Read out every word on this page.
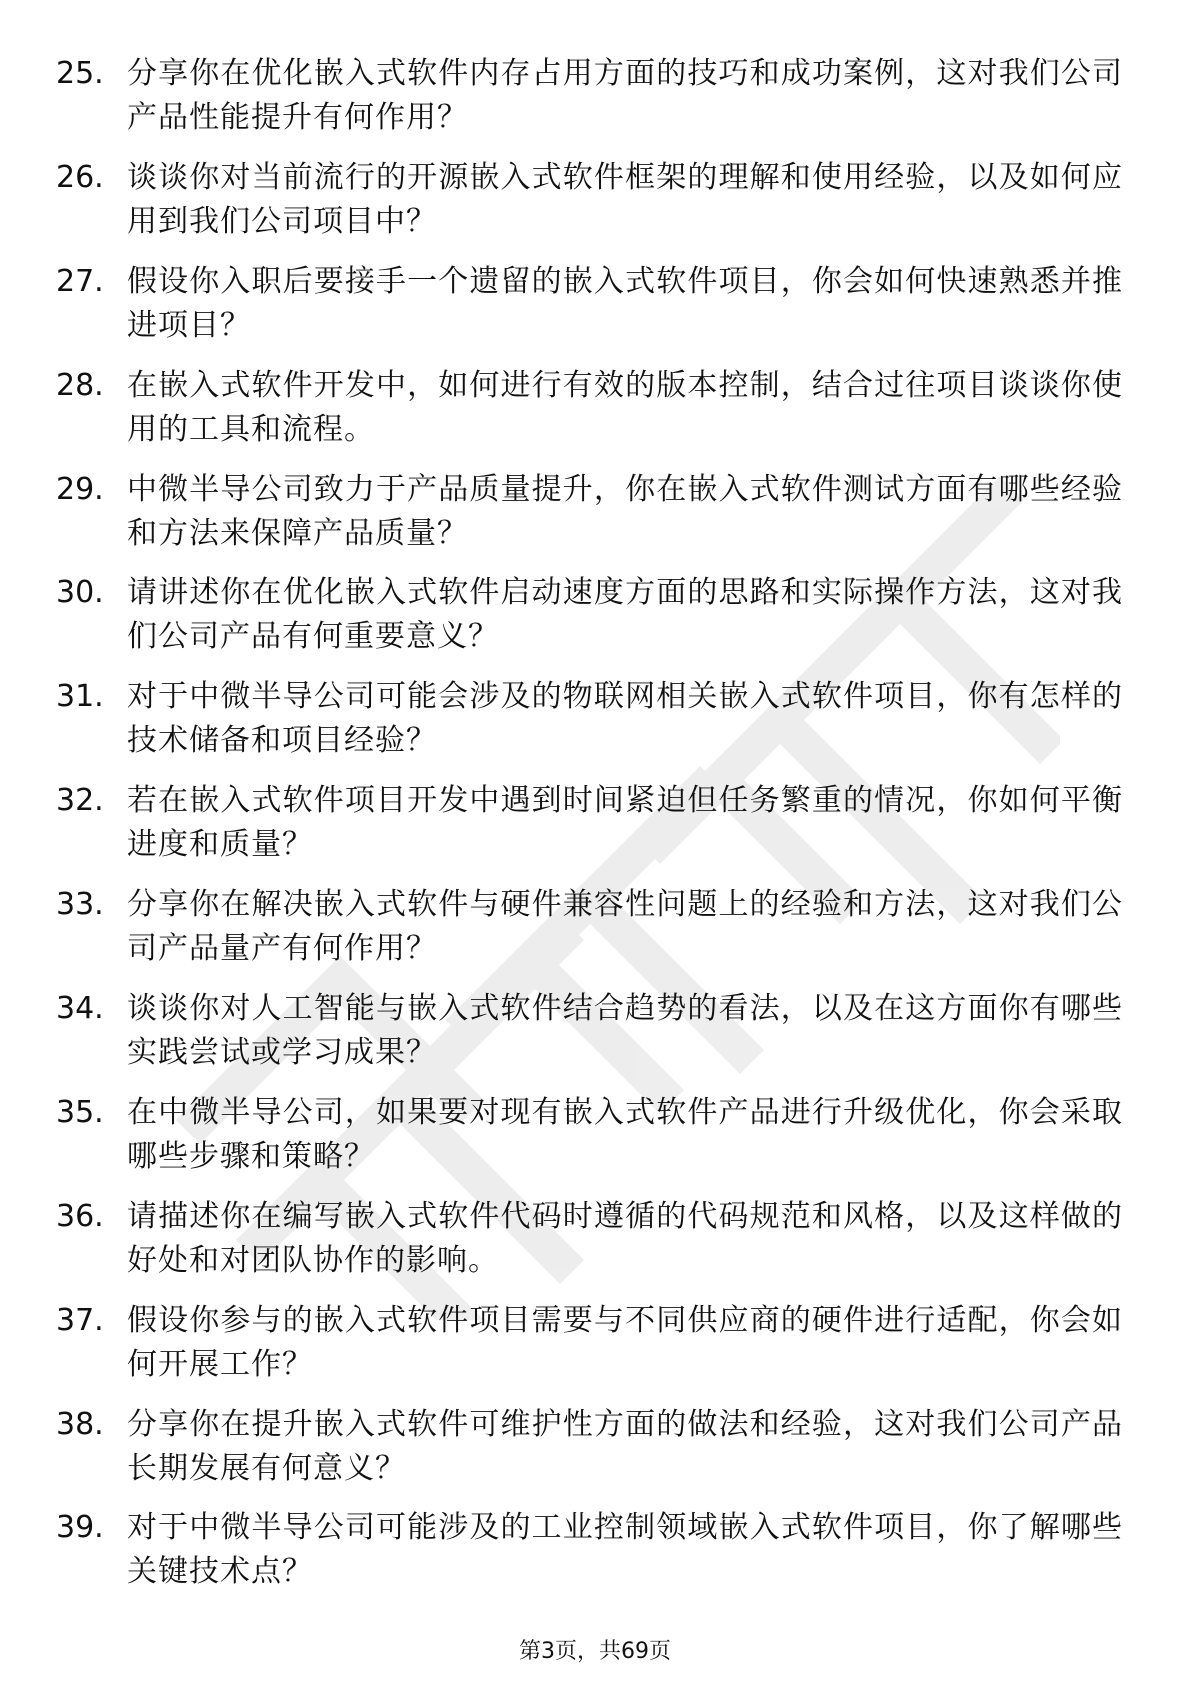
25. 分享你在优化嵌入式软件内存占用方面的技巧和成功案例，这对我们公司产品性能提升有何作用？
26. 谈谈你对当前流行的开源嵌入式软件框架的理解和使用经验，以及如何应用到我们公司项目中？
27. 假设你入职后要接手一个遗留的嵌入式软件项目，你会如何快速熟悉并推进项目？
28. 在嵌入式软件开发中，如何进行有效的版本控制，结合过往项目谈谈你使用的工具和流程。
29. 中微半导公司致力于产品质量提升，你在嵌入式软件测试方面有哪些经验和方法来保障产品质量？
30. 请讲述你在优化嵌入式软件启动速度方面的思路和实际操作方法，这对我们公司产品有何重要意义？
31. 对于中微半导公司可能会涉及的物联网相关嵌入式软件项目，你有怎样的技术储备和项目经验？
32. 若在嵌入式软件项目开发中遇到时间紧迫但任务繁重的情况，你如何平衡进度和质量？
33. 分享你在解决嵌入式软件与硬件兼容性问题上的经验和方法，这对我们公司产品量产有何作用？
34. 谈谈你对人工智能与嵌入式软件结合趋势的看法，以及在这方面你有哪些实践尝试或学习成果？
35. 在中微半导公司，如果要对现有嵌入式软件产品进行升级优化，你会采取哪些步骤和策略？
36. 请描述你在编写嵌入式软件代码时遵循的代码规范和风格，以及这样做的好处和对团队协作的影响。
37. 假设你参与的嵌入式软件项目需要与不同供应商的硬件进行适配，你会如何开展工作？
38. 分享你在提升嵌入式软件可维护性方面的做法和经验，这对我们公司产品长期发展有何意义？
39. 对于中微半导公司可能涉及的工业控制领域嵌入式软件项目，你了解哪些关键技术点？
第3页，共69页
